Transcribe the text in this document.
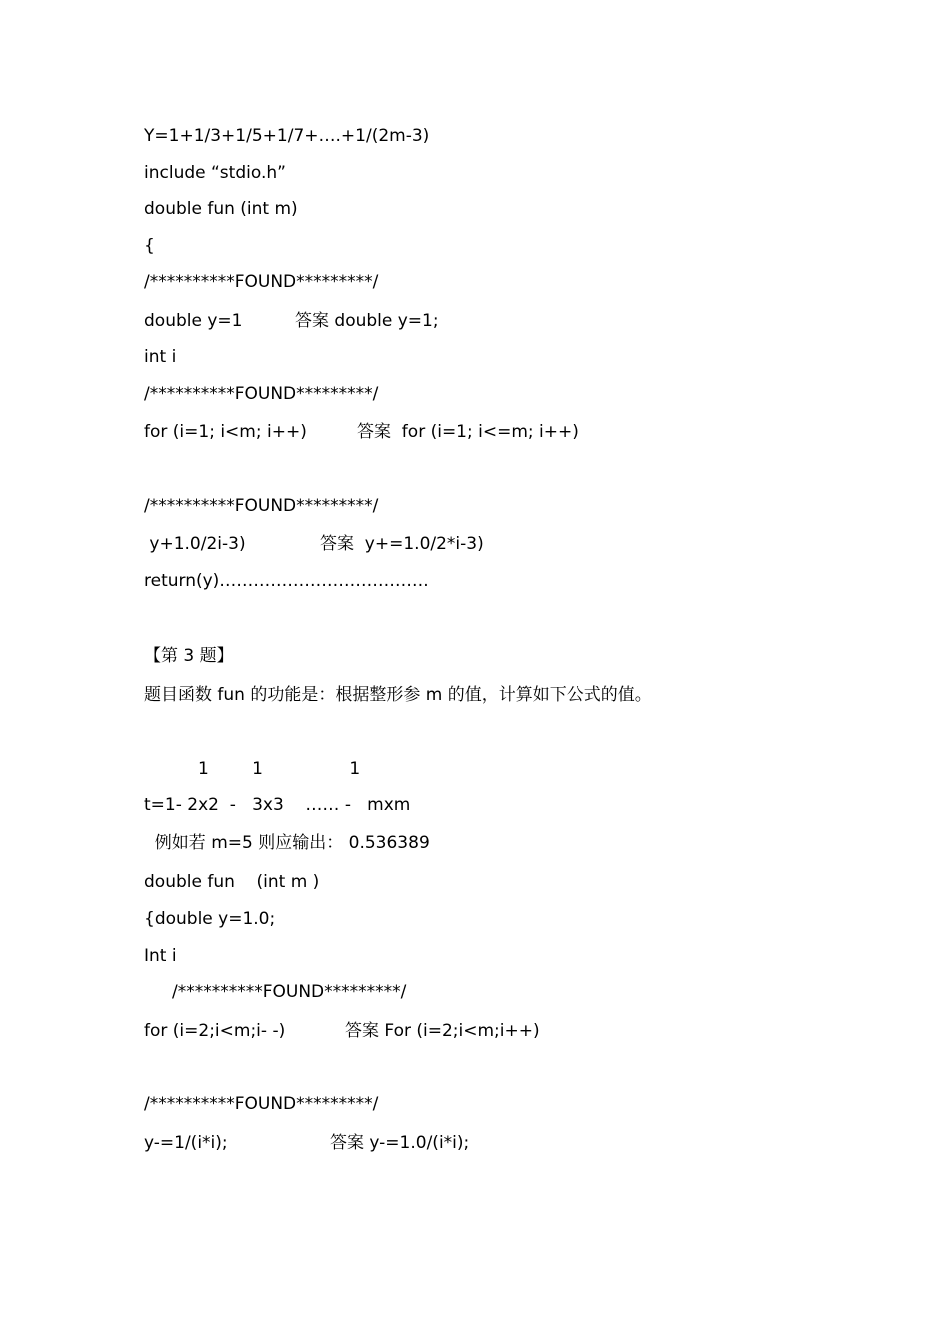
Y=1+1/3+1/5+1/7+….+1/(2m-3)
include “stdio.h”
double fun (int m)
{
/**********FOUND*********/
double y=1	答案 double y=1;
int i
/**********FOUND*********/
for (i=1; i<m; i++)	答案  for (i=1; i<=m; i++)
/**********FOUND*********/
y+1.0/2i-3)	答案  y+=1.0/2*i-3)
return(y)……………………………….
【第 3 题】
题目函数 fun 的功能是：根据整形参 m 的值，计算如下公式的值。
1        1                1
t=1- 2x2  -   3x3    …… -   mxm
例如若 m=5 则应输出： 0.536389
double fun    (int m )
{double y=1.0;
Int i
/**********FOUND*********/
for (i=2;i<m;i- -)	答案 For (i=2;i<m;i++)
/**********FOUND*********/
y-=1/(i*i);	答案 y-=1.0/(i*i);
